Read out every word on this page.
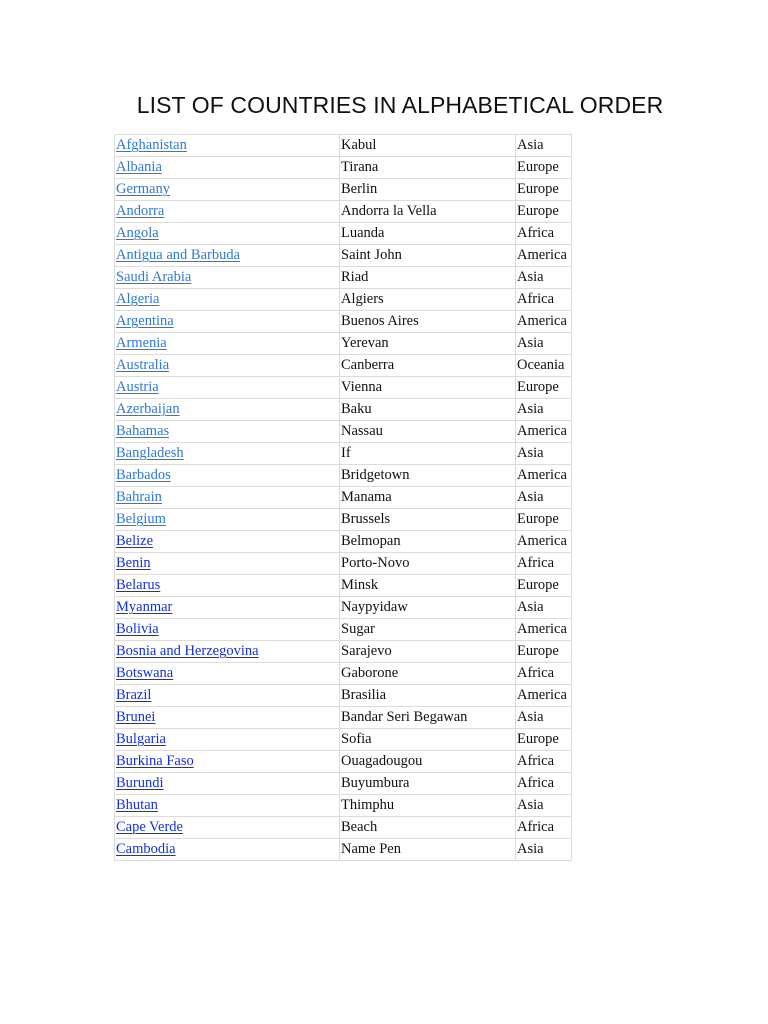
LIST OF COUNTRIES IN ALPHABETICAL ORDER
Afghanistan	Kabul	Asia
Albania	Tirana	Europe
Germany	Berlin	Europe
Andorra	Andorra la Vella	Europe
Angola	Luanda	Africa
Antigua and Barbuda	Saint John	America
Saudi Arabia	Riad	Asia
Algeria	Algiers	Africa
Argentina	Buenos Aires	America
Armenia	Yerevan	Asia
Australia	Canberra	Oceania
Austria	Vienna	Europe
Azerbaijan	Baku	Asia
Bahamas	Nassau	America
Bangladesh	If	Asia
Barbados	Bridgetown	America
Bahrain	Manama	Asia
Belgium	Brussels	Europe
Belize	Belmopan	America
Benin	Porto-Novo	Africa
Belarus	Minsk	Europe
Myanmar	Naypyidaw	Asia
Bolivia	Sugar	America
Bosnia and Herzegovina	Sarajevo	Europe
Botswana	Gaborone	Africa
Brazil	Brasilia	America
Brunei	Bandar Seri Begawan	Asia
Bulgaria	Sofia	Europe
Burkina Faso	Ouagadougou	Africa
Burundi	Buyumbura	Africa
Bhutan	Thimphu	Asia
Cape Verde	Beach	Africa
Cambodia	Name Pen	Asia
